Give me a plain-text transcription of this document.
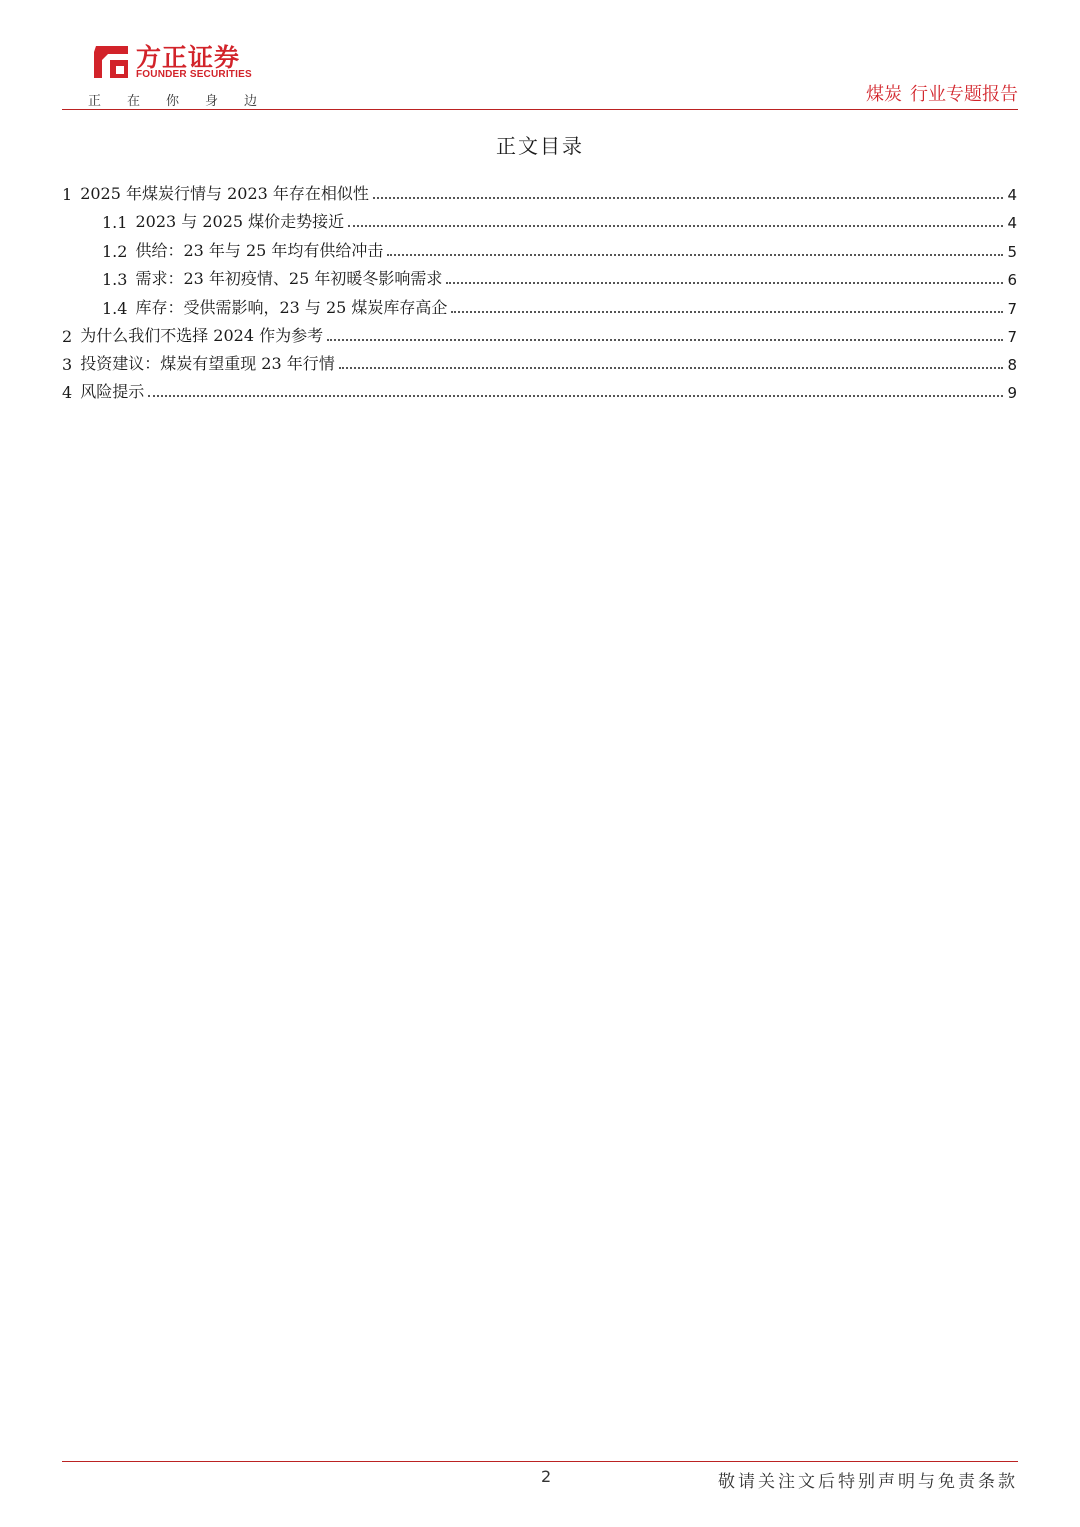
方正证券
FOUNDER SECURITIES
正 在 你 身 边	煤炭 行业专题报告
正文目录
1 2025 年煤炭行情与 2023 年存在相似性	4
1.1 2023 与 2025 煤价走势接近	4
1.2 供给：23 年与 25 年均有供给冲击	5
1.3 需求：23 年初疫情、25 年初暖冬影响需求	6
1.4 库存：受供需影响，23 与 25 煤炭库存高企	7
2 为什么我们不选择 2024 作为参考	7
3 投资建议：煤炭有望重现 23 年行情	8
4 风险提示	9
2	敬请关注文后特别声明与免责条款
